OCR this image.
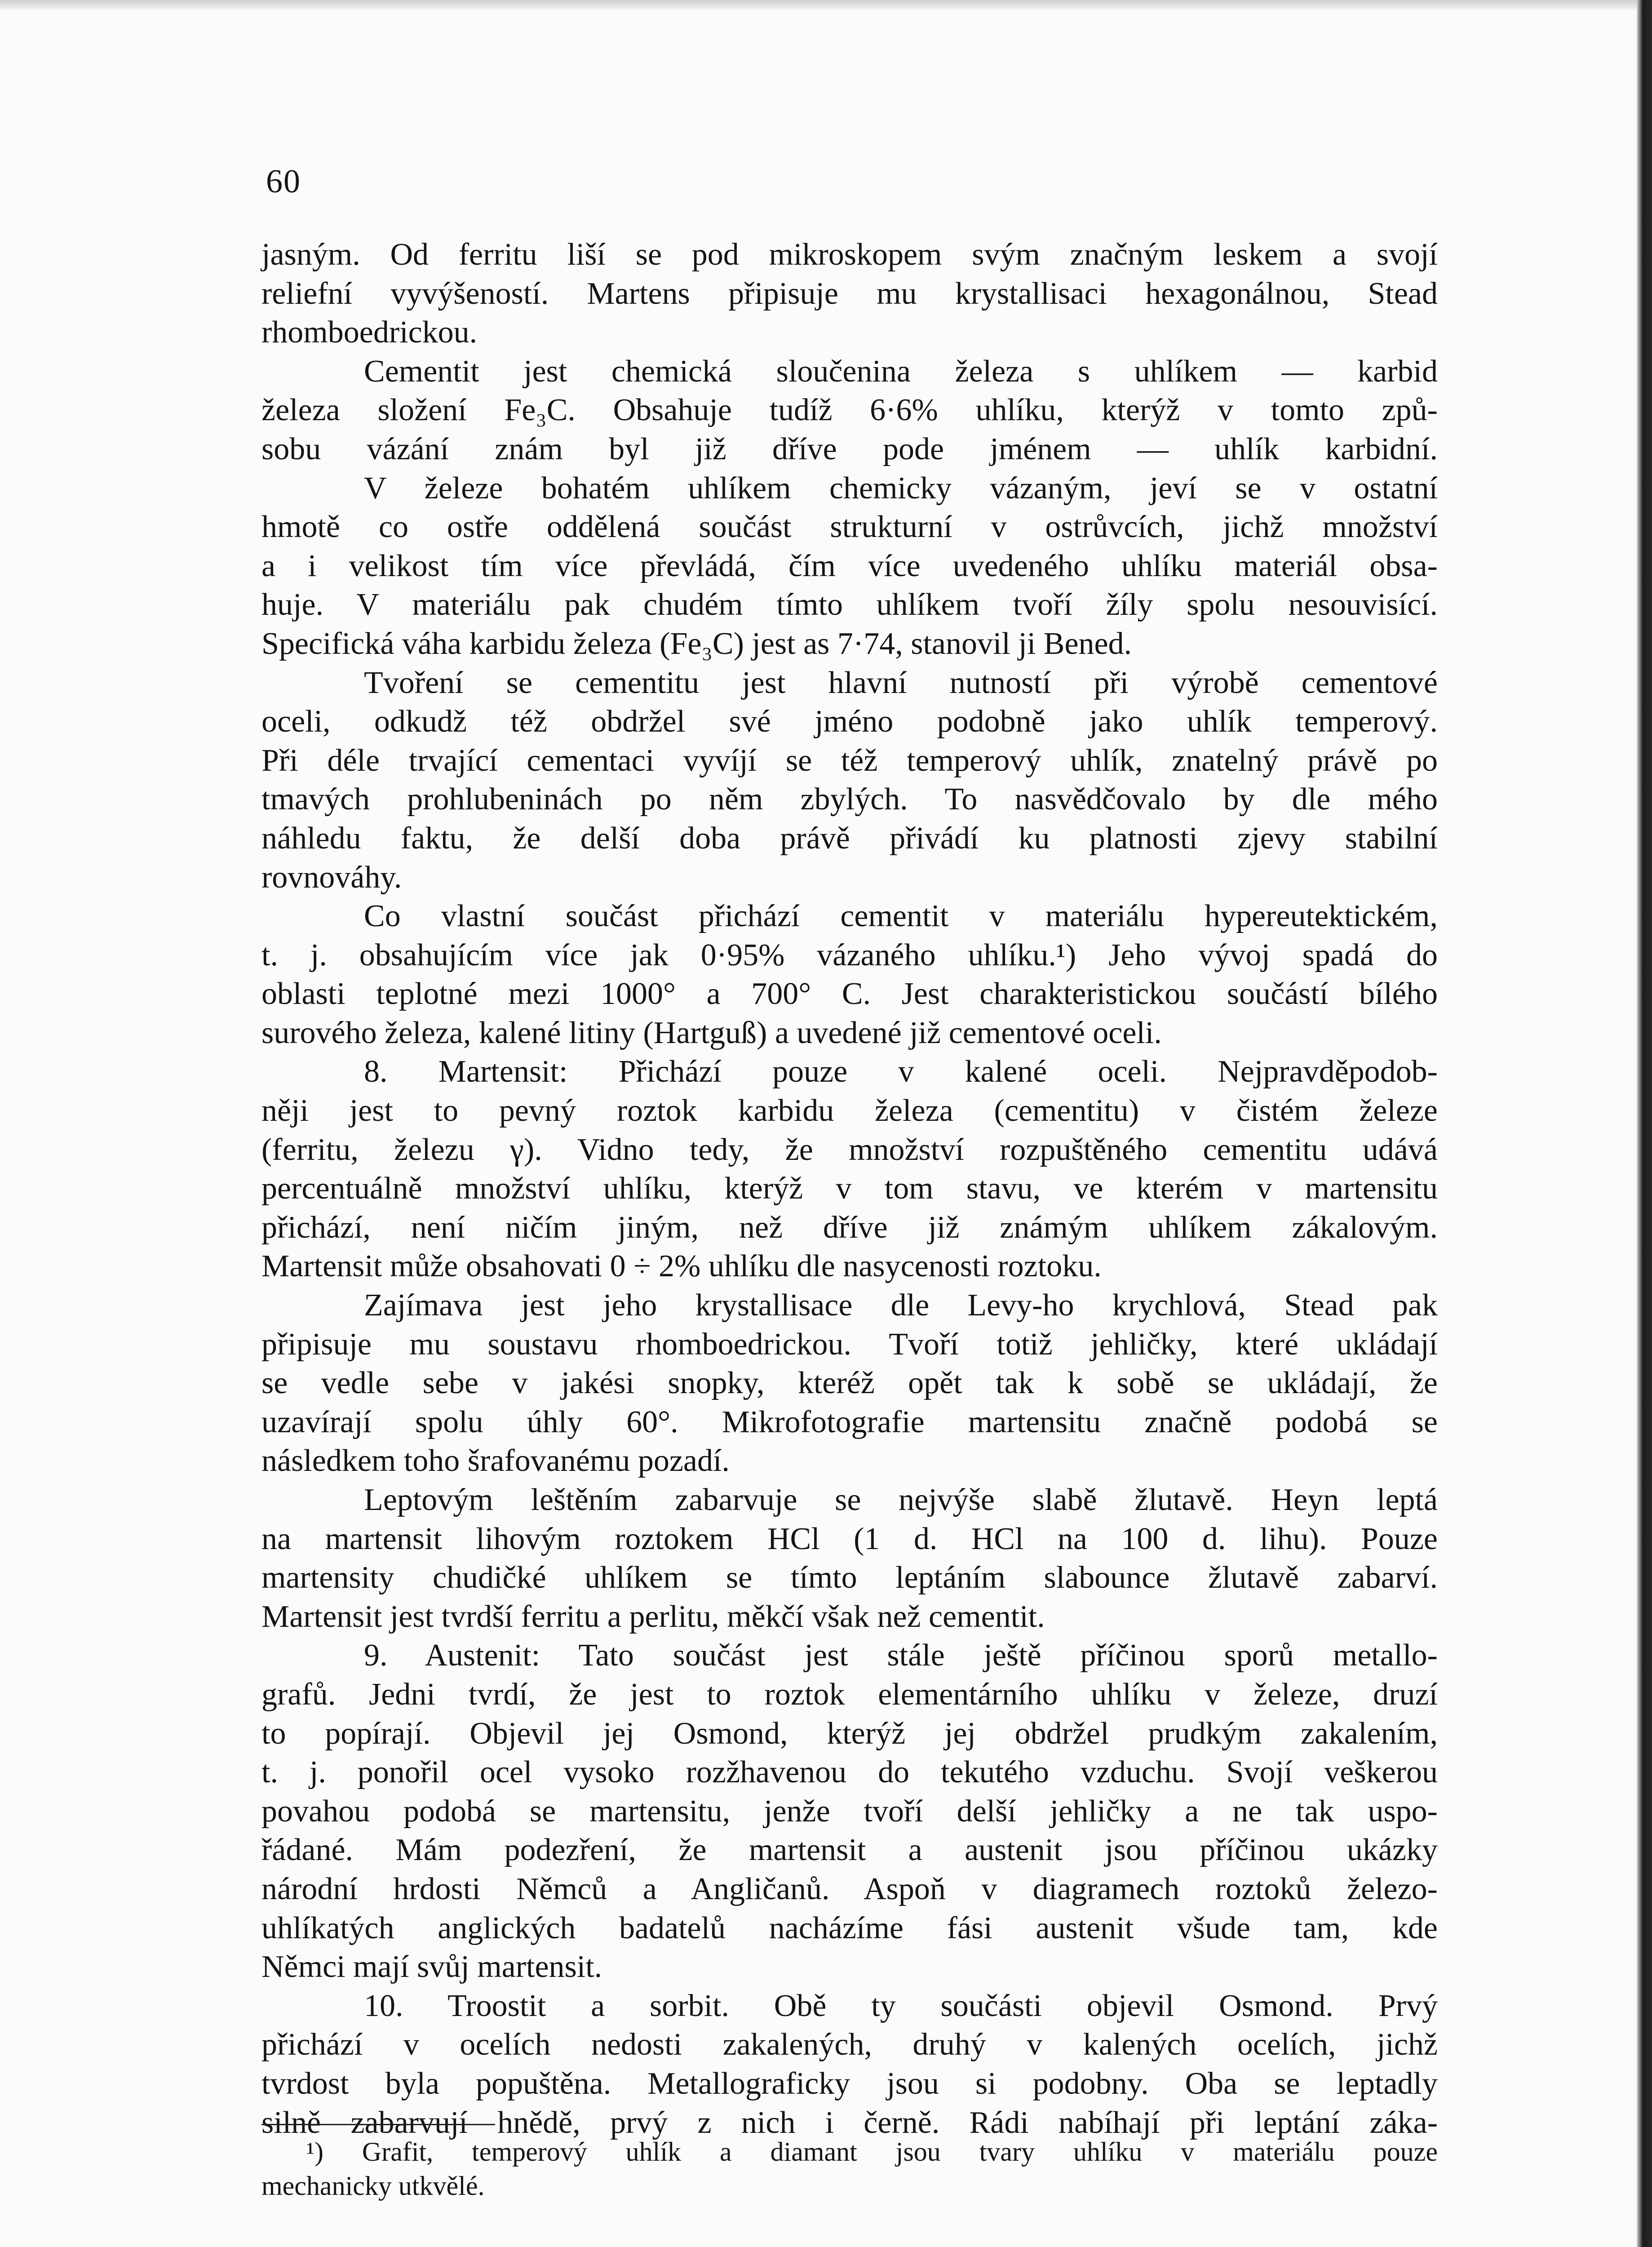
60
jasným. Od ferritu liší se pod mikroskopem svým značným leskem a svojí
reliefní vyvýšeností. Martens připisuje mu krystallisaci hexagonálnou, Stead
rhomboedrickou.
Cementit jest chemická sloučenina železa s uhlíkem — karbid
železa složení Fe₃C. Obsahuje tudíž 6·6% uhlíku, kterýž v tomto způ-
sobu vázání znám byl již dříve pode jménem — uhlík karbidní.
V železe bohatém uhlíkem chemicky vázaným, jeví se v ostatní
hmotě co ostře oddělená součást strukturní v ostrůvcích, jichž množství
a i velikost tím více převládá, čím více uvedeného uhlíku materiál obsa-
huje. V materiálu pak chudém tímto uhlíkem tvoří žíly spolu nesouvisící.
Specifická váha karbidu železa (Fe₃C) jest as 7·74, stanovil ji Bened.
Tvoření se cementitu jest hlavní nutností při výrobě cementové
oceli, odkudž též obdržel své jméno podobně jako uhlík temperový.
Při déle trvající cementaci vyvíjí se též temperový uhlík, znatelný právě po
tmavých prohlubeninách po něm zbylých. To nasvědčovalo by dle mého
náhledu faktu, že delší doba právě přivádí ku platnosti zjevy stabilní
rovnováhy.
Co vlastní součást přichází cementit v materiálu hypereutektickém,
t. j. obsahujícím více jak 0·95% vázaného uhlíku.¹) Jeho vývoj spadá do
oblasti teplotné mezi 1000° a 700° C. Jest charakteristickou součástí bílého
surového železa, kalené litiny (Hartguß) a uvedené již cementové oceli.
8. Martensit: Přichází pouze v kalené oceli. Nejpravděpodob-
něji jest to pevný roztok karbidu železa (cementitu) v čistém železe
(ferritu, železu γ). Vidno tedy, že množství rozpuštěného cementitu udává
percentuálně množství uhlíku, kterýž v tom stavu, ve kterém v martensitu
přichází, není ničím jiným, než dříve již známým uhlíkem zákalovým.
Martensit může obsahovati 0 ÷ 2% uhlíku dle nasycenosti roztoku.
Zajímava jest jeho krystallisace dle Levy-ho krychlová, Stead pak
připisuje mu soustavu rhomboedrickou. Tvoří totiž jehličky, které ukládají
se vedle sebe v jakési snopky, kteréž opět tak k sobě se ukládají, že
uzavírají spolu úhly 60°. Mikrofotografie martensitu značně podobá se
následkem toho šrafovanému pozadí.
Leptovým leštěním zabarvuje se nejvýše slabě žlutavě. Heyn leptá
na martensit lihovým roztokem HCl (1 d. HCl na 100 d. lihu). Pouze
martensity chudičké uhlíkem se tímto leptáním slabounce žlutavě zabarví.
Martensit jest tvrdší ferritu a perlitu, měkčí však než cementit.
9. Austenit: Tato součást jest stále ještě příčinou sporů metallo-
grafů. Jedni tvrdí, že jest to roztok elementárního uhlíku v železe, druzí
to popírají. Objevil jej Osmond, kterýž jej obdržel prudkým zakalením,
t. j. ponořil ocel vysoko rozžhavenou do tekutého vzduchu. Svojí veškerou
povahou podobá se martensitu, jenže tvoří delší jehličky a ne tak uspo-
řádané. Mám podezření, že martensit a austenit jsou příčinou ukázky
národní hrdosti Němců a Angličanů. Aspoň v diagramech roztoků železo-
uhlíkatých anglických badatelů nacházíme fási austenit všude tam, kde
Němci mají svůj martensit.
10. Troostit a sorbit. Obě ty součásti objevil Osmond. Prvý
přichází v ocelích nedosti zakalených, druhý v kalených ocelích, jichž
tvrdost byla popuštěna. Metallograficky jsou si podobny. Oba se leptadly
silně zabarvují hnědě, prvý z nich i černě. Rádi nabíhají při leptání záka-
¹) Grafit, temperový uhlík a diamant jsou tvary uhlíku v materiálu pouze
mechanicky utkvělé.
